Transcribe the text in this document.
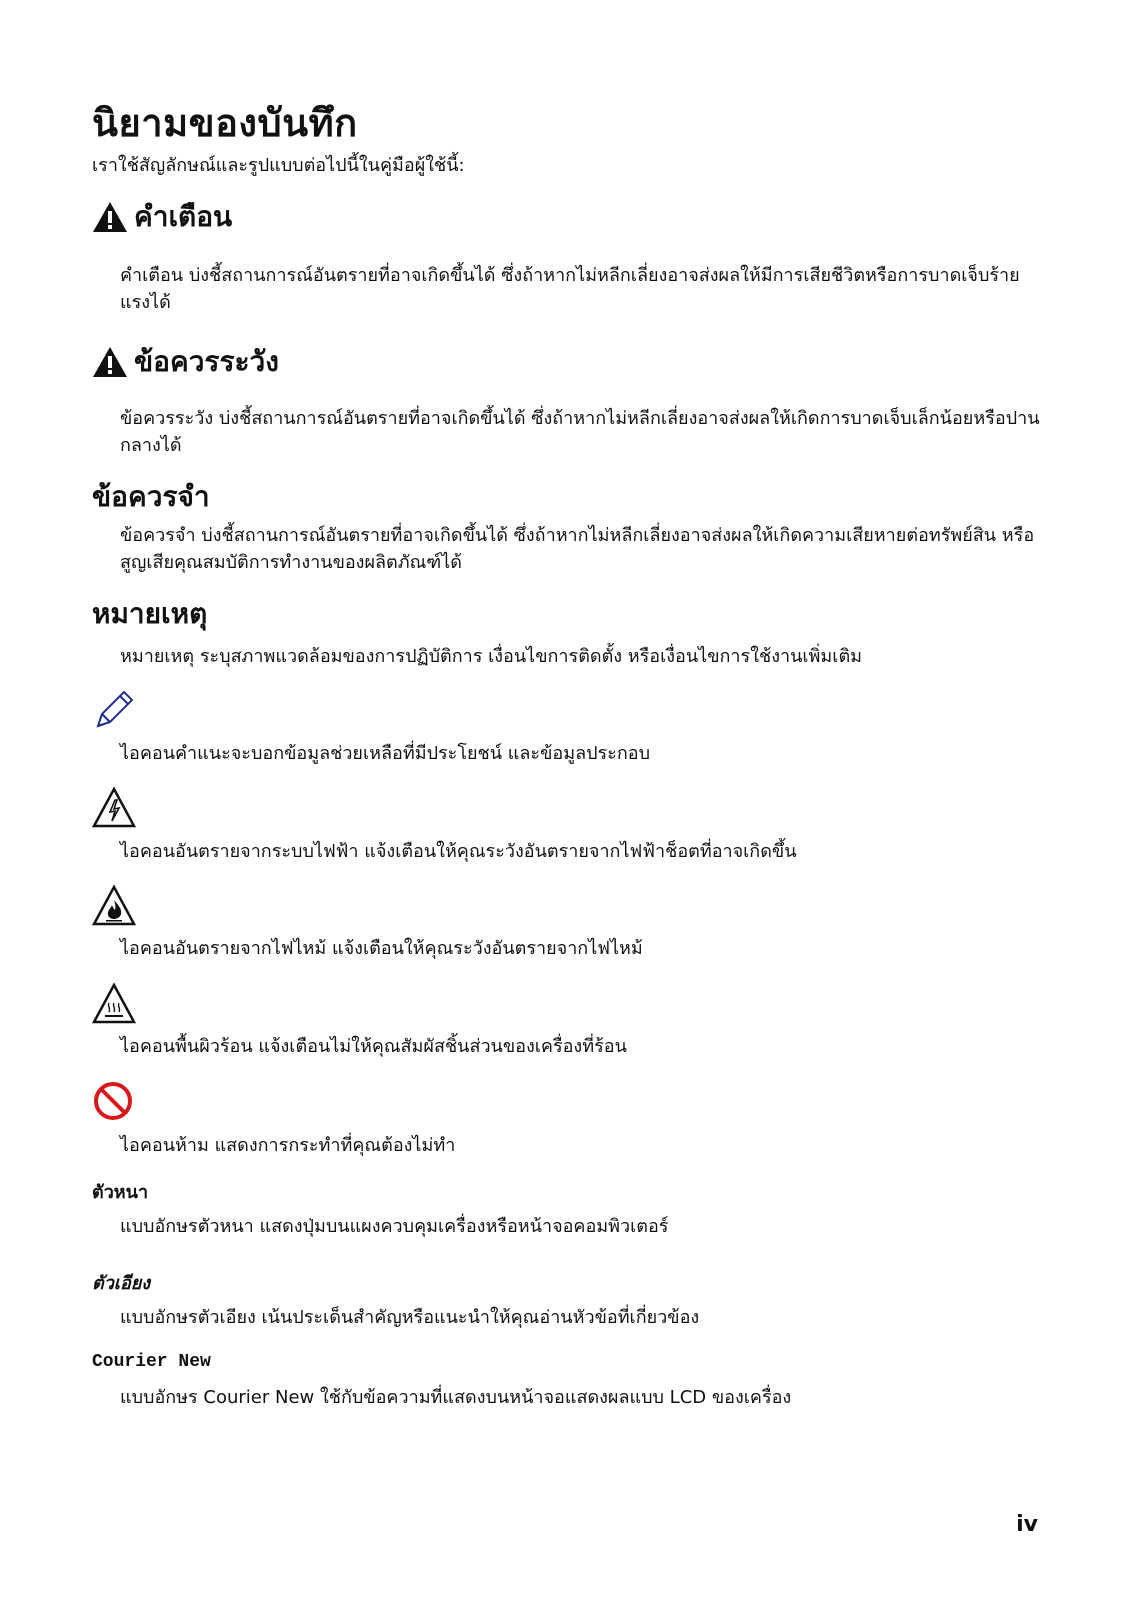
นิยามของบันทึก
เราใช้สัญลักษณ์และรูปแบบต่อไปนี้ในคู่มือผู้ใช้นี้:
คำเตือน
คำเตือน บ่งชี้สถานการณ์อันตรายที่อาจเกิดขึ้นได้ ซึ่งถ้าหากไม่หลีกเลี่ยงอาจส่งผลให้มีการเสียชีวิตหรือการบาดเจ็บร้ายแรงได้
ข้อควรระวัง
ข้อควรระวัง บ่งชี้สถานการณ์อันตรายที่อาจเกิดขึ้นได้ ซึ่งถ้าหากไม่หลีกเลี่ยงอาจส่งผลให้เกิดการบาดเจ็บเล็กน้อยหรือปานกลางได้
ข้อควรจำ
ข้อควรจำ บ่งชี้สถานการณ์อันตรายที่อาจเกิดขึ้นได้ ซึ่งถ้าหากไม่หลีกเลี่ยงอาจส่งผลให้เกิดความเสียหายต่อทรัพย์สิน หรือสูญเสียคุณสมบัติการทำงานของผลิตภัณฑ์ได้
หมายเหตุ
หมายเหตุ ระบุสภาพแวดล้อมของการปฏิบัติการ เงื่อนไขการติดตั้ง หรือเงื่อนไขการใช้งานเพิ่มเติม
ไอคอนคำแนะจะบอกข้อมูลช่วยเหลือที่มีประโยชน์ และข้อมูลประกอบ
ไอคอนอันตรายจากระบบไฟฟ้า แจ้งเตือนให้คุณระวังอันตรายจากไฟฟ้าช็อตที่อาจเกิดขึ้น
ไอคอนอันตรายจากไฟไหม้ แจ้งเตือนให้คุณระวังอันตรายจากไฟไหม้
ไอคอนพื้นผิวร้อน แจ้งเตือนไม่ให้คุณสัมผัสชิ้นส่วนของเครื่องที่ร้อน
ไอคอนห้าม แสดงการกระทำที่คุณต้องไม่ทำ
ตัวหนา
แบบอักษรตัวหนา แสดงปุ่มบนแผงควบคุมเครื่องหรือหน้าจอคอมพิวเตอร์
ตัวเอียง
แบบอักษรตัวเอียง เน้นประเด็นสำคัญหรือแนะนำให้คุณอ่านหัวข้อที่เกี่ยวข้อง
Courier New
แบบอักษร Courier New ใช้กับข้อความที่แสดงบนหน้าจอแสดงผลแบบ LCD ของเครื่อง
iv
